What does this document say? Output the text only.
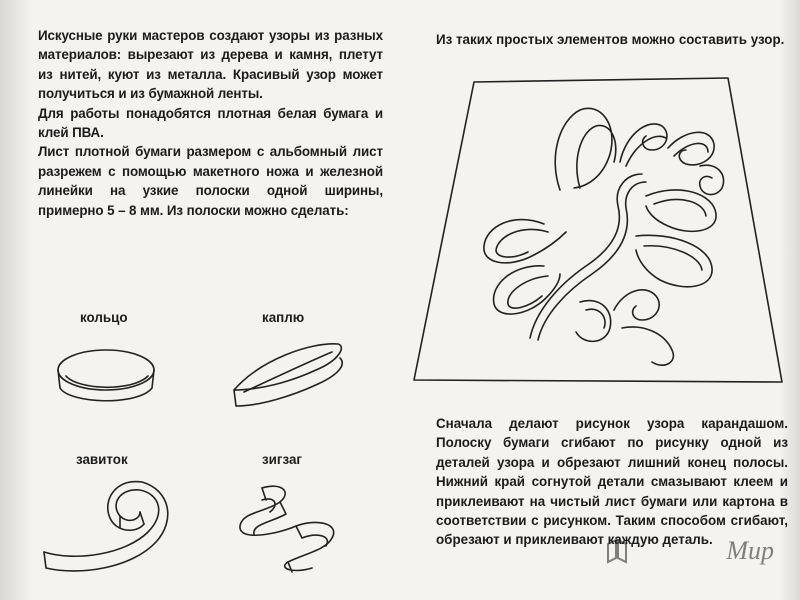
Искусные руки мастеров создают узоры из разных материалов: вырезают из дерева и камня, плетут из нитей, куют из металла. Красивый узор может получиться и из бумажной ленты.

Для работы понадобятся плотная белая бумага и клей ПВА.

Лист плотной бумаги размером с альбомный лист разрежем с помощью макетного ножа и железной линейки на узкие полоски одной ширины, примерно 5 – 8 мм. Из полоски можно сделать:

кольцо	каплю
завиток	зигзаг
Из таких простых элементов можно составить узор.

Сначала делают рисунок узора карандашом. Полоску бумаги сгибают по рисунку одной из деталей узора и обрезают лишний конец полосы. Нижний край согнутой детали смазывают клеем и приклеивают на чистый лист бумаги или картона в соответствии с рисунком. Таким способом сгибают, обрезают и приклеивают каждую деталь. Мир
